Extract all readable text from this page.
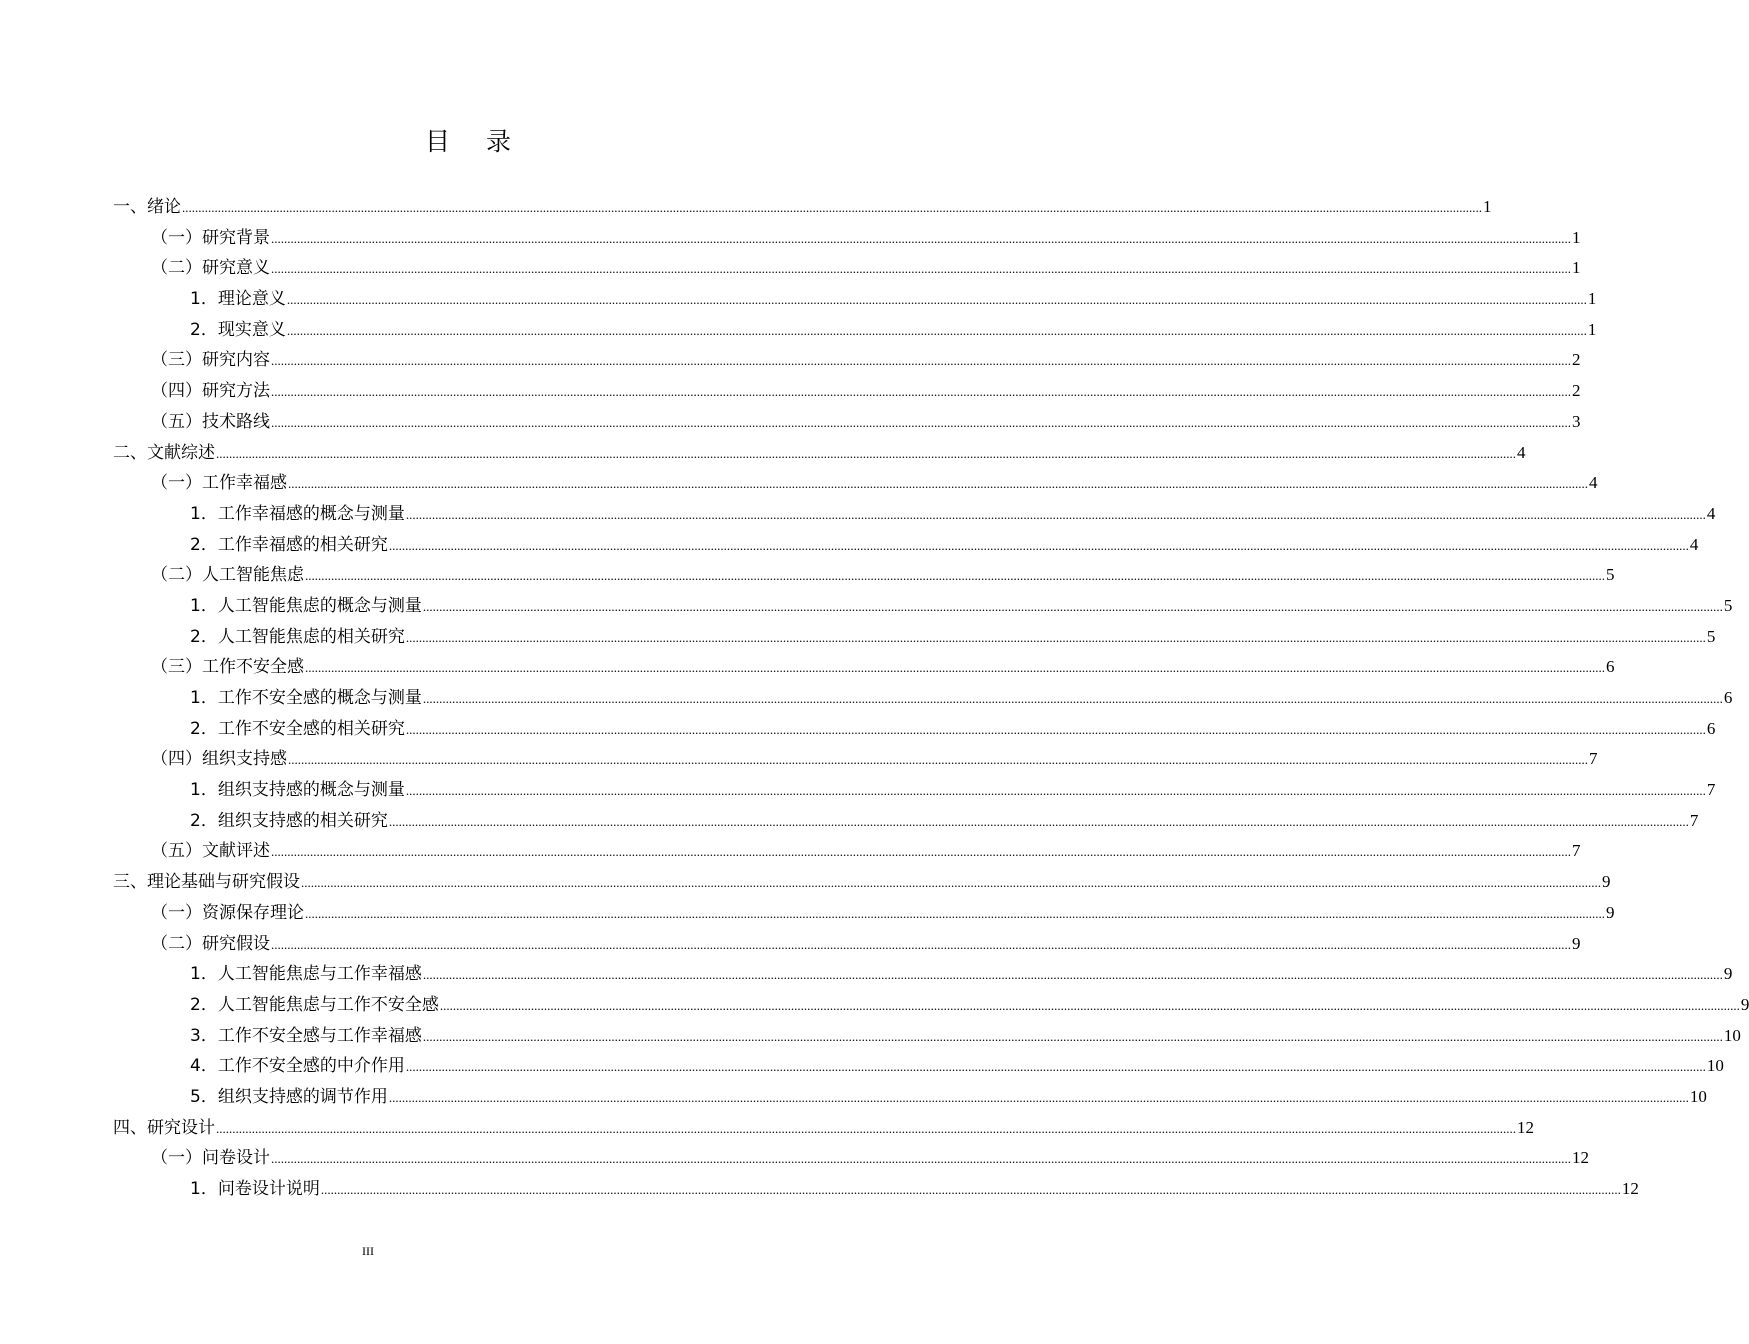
目 录
一、绪论 ................................................................................................................................................................................................................................................................................................................................................................................................................ 1
（一）研究背景 ................................................................................................................................................................................................................................................................................................................................................................................................................ 1
（二）研究意义 ................................................................................................................................................................................................................................................................................................................................................................................................................ 1
1．理论意义 ................................................................................................................................................................................................................................................................................................................................................................................................................ 1
2．现实意义 ................................................................................................................................................................................................................................................................................................................................................................................................................ 1
（三）研究内容 ................................................................................................................................................................................................................................................................................................................................................................................................................ 2
（四）研究方法 ................................................................................................................................................................................................................................................................................................................................................................................................................ 2
（五）技术路线 ................................................................................................................................................................................................................................................................................................................................................................................................................ 3
二、文献综述 ................................................................................................................................................................................................................................................................................................................................................................................................................ 4
（一）工作幸福感 ................................................................................................................................................................................................................................................................................................................................................................................................................ 4
1．工作幸福感的概念与测量 ................................................................................................................................................................................................................................................................................................................................................................................................................ 4
2．工作幸福感的相关研究 ................................................................................................................................................................................................................................................................................................................................................................................................................ 4
（二）人工智能焦虑 ................................................................................................................................................................................................................................................................................................................................................................................................................ 5
1．人工智能焦虑的概念与测量 ................................................................................................................................................................................................................................................................................................................................................................................................................ 5
2．人工智能焦虑的相关研究 ................................................................................................................................................................................................................................................................................................................................................................................................................ 5
（三）工作不安全感 ................................................................................................................................................................................................................................................................................................................................................................................................................ 6
1．工作不安全感的概念与测量 ................................................................................................................................................................................................................................................................................................................................................................................................................ 6
2．工作不安全感的相关研究 ................................................................................................................................................................................................................................................................................................................................................................................................................ 6
（四）组织支持感 ................................................................................................................................................................................................................................................................................................................................................................................................................ 7
1．组织支持感的概念与测量 ................................................................................................................................................................................................................................................................................................................................................................................................................ 7
2．组织支持感的相关研究 ................................................................................................................................................................................................................................................................................................................................................................................................................ 7
（五）文献评述 ................................................................................................................................................................................................................................................................................................................................................................................................................ 7
三、理论基础与研究假设 ................................................................................................................................................................................................................................................................................................................................................................................................................ 9
（一）资源保存理论 ................................................................................................................................................................................................................................................................................................................................................................................................................ 9
（二）研究假设 ................................................................................................................................................................................................................................................................................................................................................................................................................ 9
1．人工智能焦虑与工作幸福感 ................................................................................................................................................................................................................................................................................................................................................................................................................ 9
2．人工智能焦虑与工作不安全感 ................................................................................................................................................................................................................................................................................................................................................................................................................ 9
3．工作不安全感与工作幸福感 ................................................................................................................................................................................................................................................................................................................................................................................................................ 10
4．工作不安全感的中介作用 ................................................................................................................................................................................................................................................................................................................................................................................................................ 10
5．组织支持感的调节作用 ................................................................................................................................................................................................................................................................................................................................................................................................................ 10
四、研究设计 ................................................................................................................................................................................................................................................................................................................................................................................................................ 12
（一）问卷设计 ................................................................................................................................................................................................................................................................................................................................................................................................................ 12
1．问卷设计说明 ................................................................................................................................................................................................................................................................................................................................................................................................................ 12
III
